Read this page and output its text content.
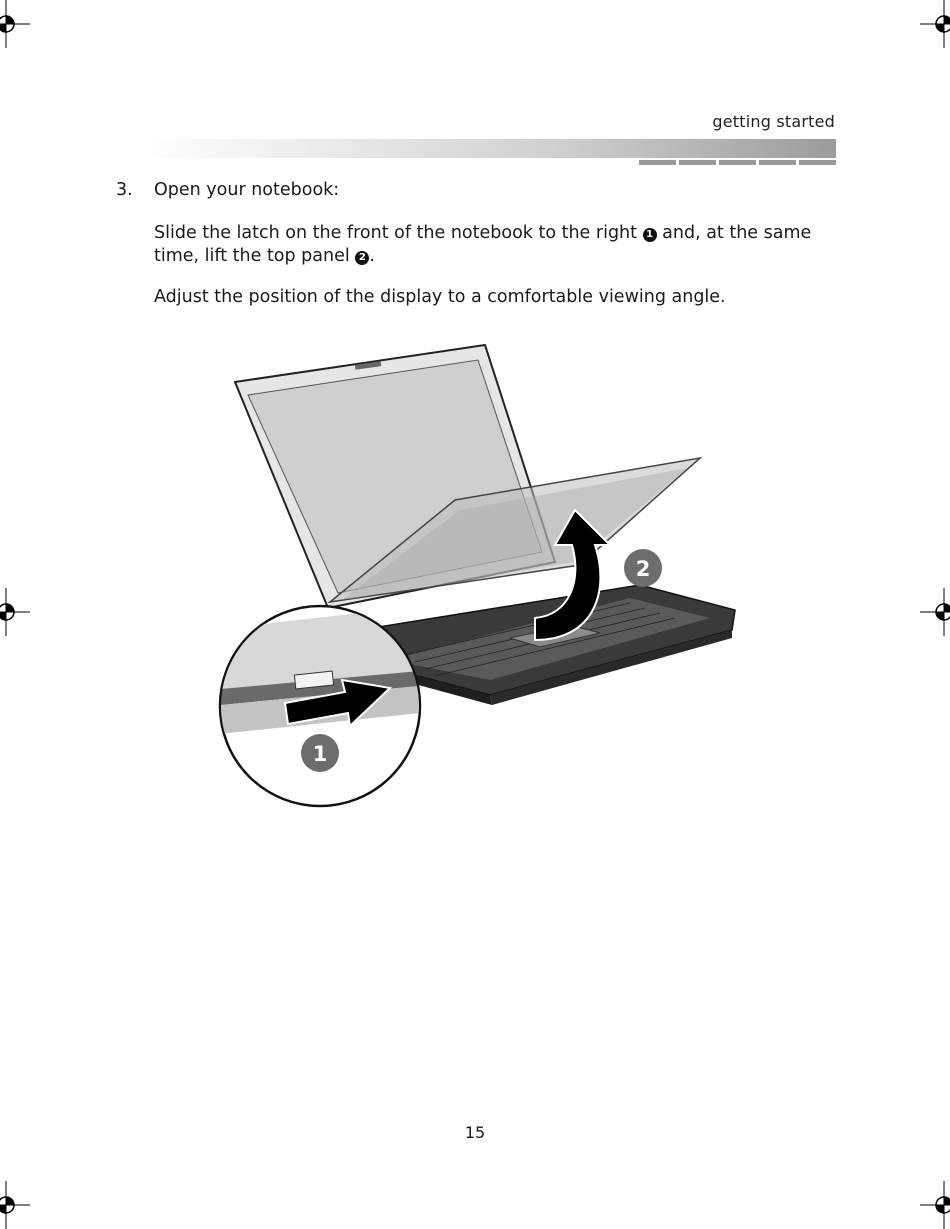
getting started
3. Open your notebook:
Slide the latch on the front of the notebook to the right 1 and, at the same time, lift the top panel 2 .
Adjust the position of the display to a comfortable viewing angle.
2
1
15
